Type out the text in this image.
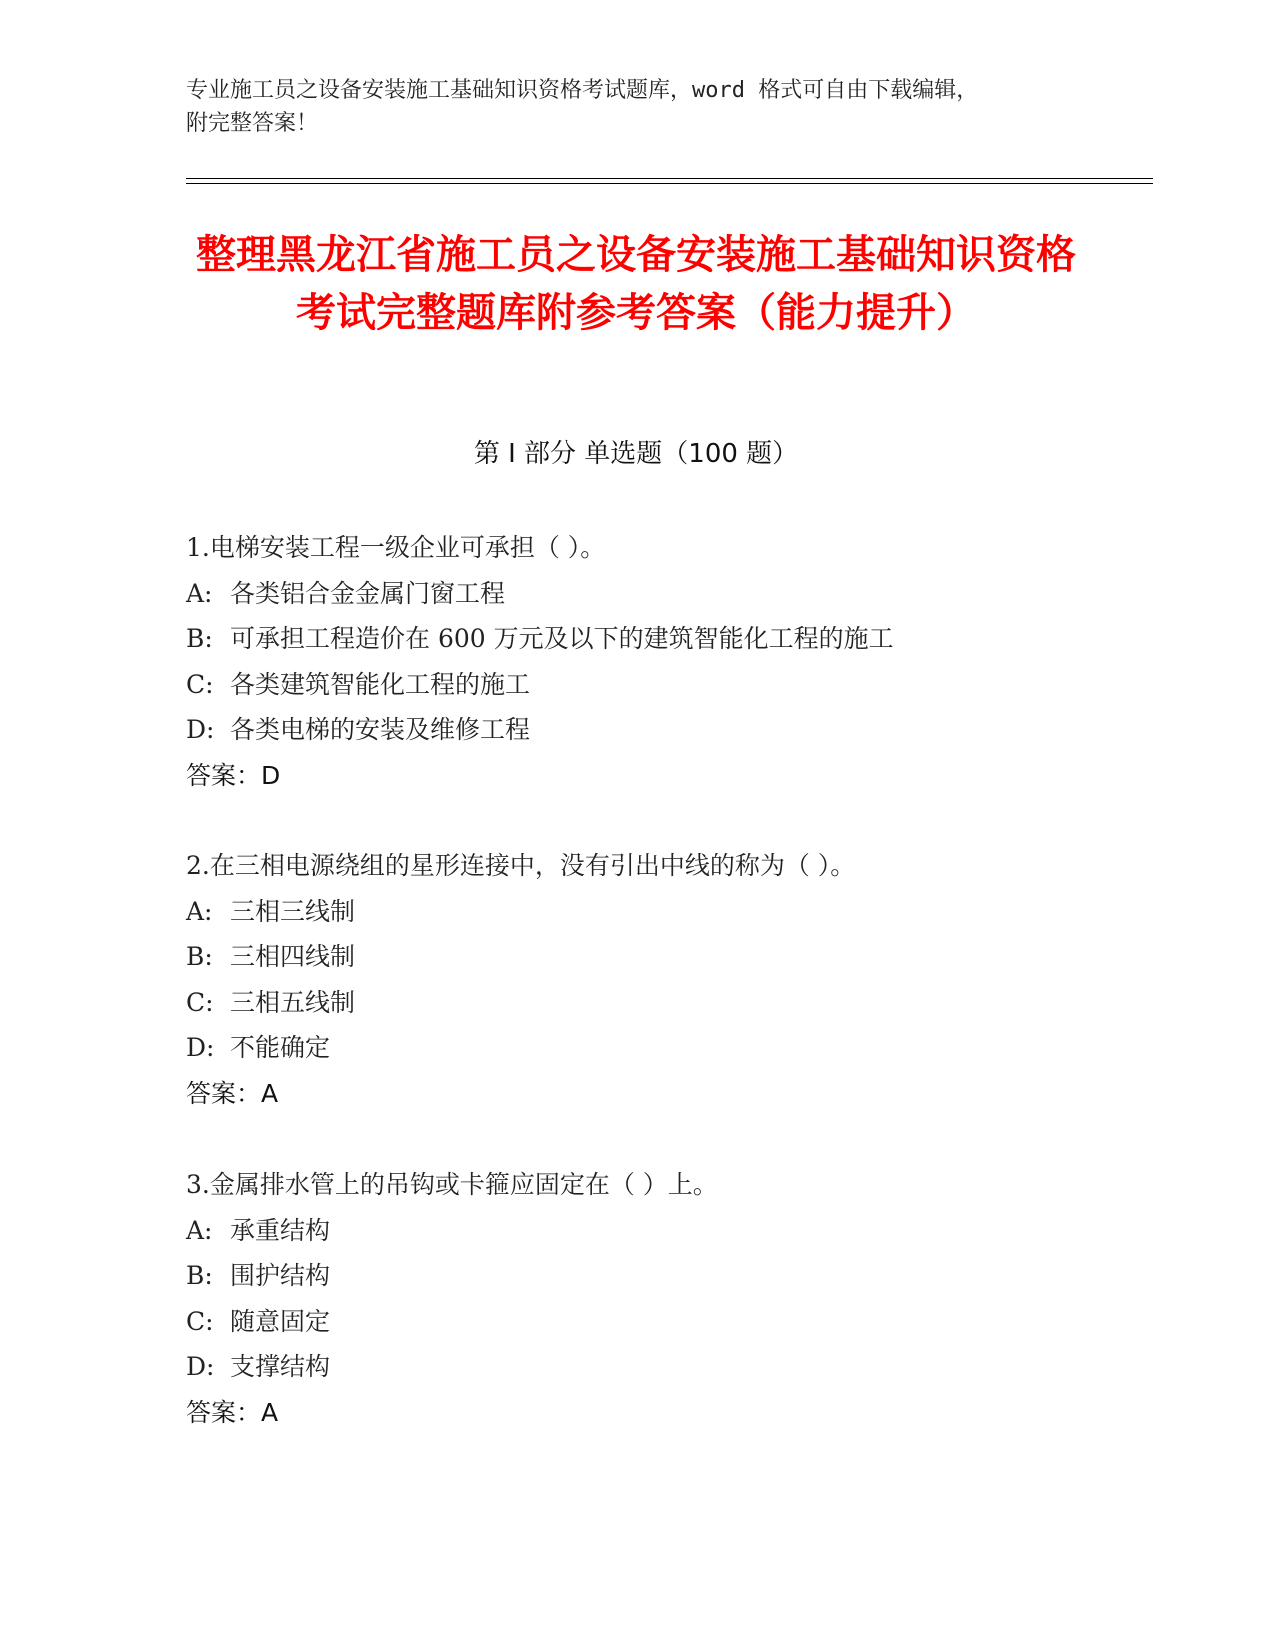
专业施工员之设备安装施工基础知识资格考试题库，word 格式可自由下载编辑，
附完整答案！
整理黑龙江省施工员之设备安装施工基础知识资格考试完整题库附参考答案（能力提升）
第 I 部分 单选题（100 题）
1.电梯安装工程一级企业可承担（ ）。
A: 各类铝合金金属门窗工程
B: 可承担工程造价在 600 万元及以下的建筑智能化工程的施工
C: 各类建筑智能化工程的施工
D: 各类电梯的安装及维修工程
答案：D
2.在三相电源绕组的星形连接中，没有引出中线的称为（ ）。
A: 三相三线制
B: 三相四线制
C: 三相五线制
D: 不能确定
答案：A
3.金属排水管上的吊钩或卡箍应固定在（ ）上。
A: 承重结构
B: 围护结构
C: 随意固定
D: 支撑结构
答案：A
